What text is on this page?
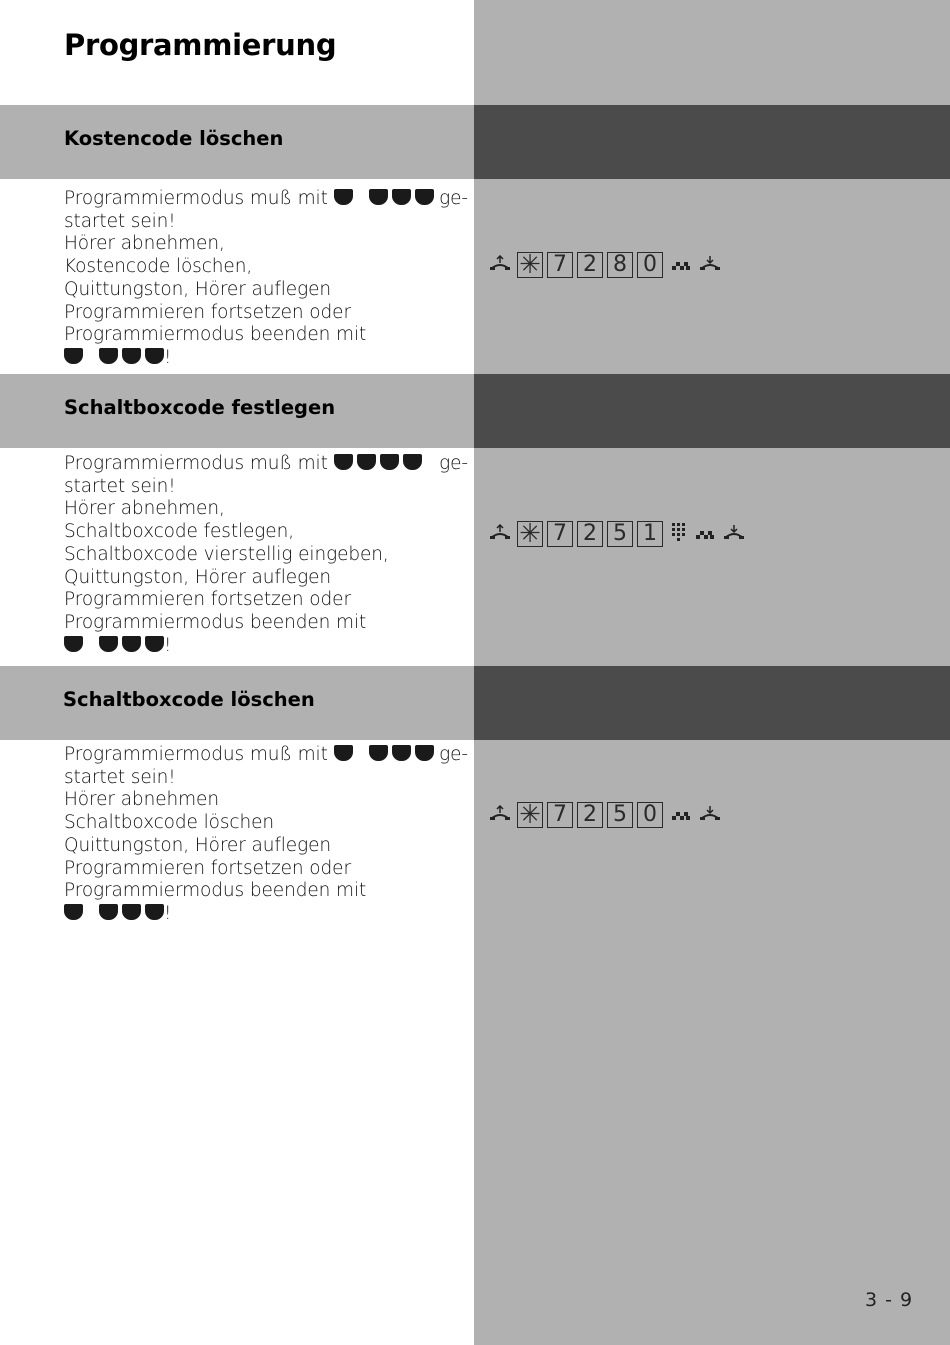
Programmierung
Kostencode löschen
Programmiermodus muß mit	ge-
startet sein!
Hörer abnehmen,
Kostencode löschen,
Quittungston, Hörer auflegen
Programmieren fortsetzen oder
Programmiermodus beenden mit
!
✳ 7 2 8 0
Schaltboxcode festlegen
Programmiermodus muß mit	ge-
startet sein!
Hörer abnehmen,
Schaltboxcode festlegen,
Schaltboxcode vierstellig eingeben,
Quittungston, Hörer auflegen
Programmieren fortsetzen oder
Programmiermodus beenden mit
!
✳ 7 2 5 1
Schaltboxcode löschen
Programmiermodus muß mit	ge-
startet sein!
Hörer abnehmen
Schaltboxcode löschen
Quittungston, Hörer auflegen
Programmieren fortsetzen oder
Programmiermodus beenden mit
!
✳ 7 2 5 0
3 - 9
